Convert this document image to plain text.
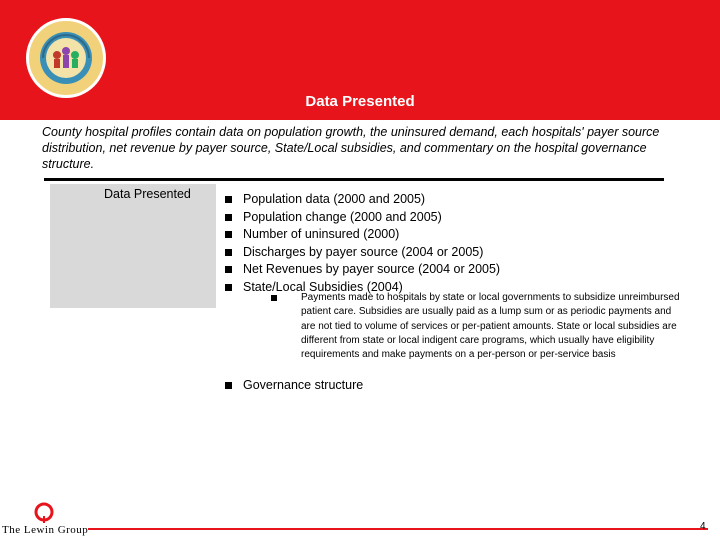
Data Presented
County hospital profiles contain data on population growth, the uninsured demand, each hospitals' payer source distribution, net revenue by payer source, State/Local subsidies, and commentary on the hospital governance structure.
Data Presented	Population data (2000 and 2005)
Population change (2000 and 2005)
Number of uninsured (2000)
Discharges by payer source (2004 or 2005)
Net Revenues by payer source (2004 or 2005)
State/Local Subsidies (2004)
Payments made to hospitals by state or local governments to subsidize unreimbursed patient care. Subsidies are usually paid as a lump sum or as periodic payments and are not tied to volume of services or per-patient amounts. State or local subsidies are different from state or local indigent care programs, which usually have eligibility requirements and make payments on a per-person or per-service basis
Governance structure
The Lewin Group	4
